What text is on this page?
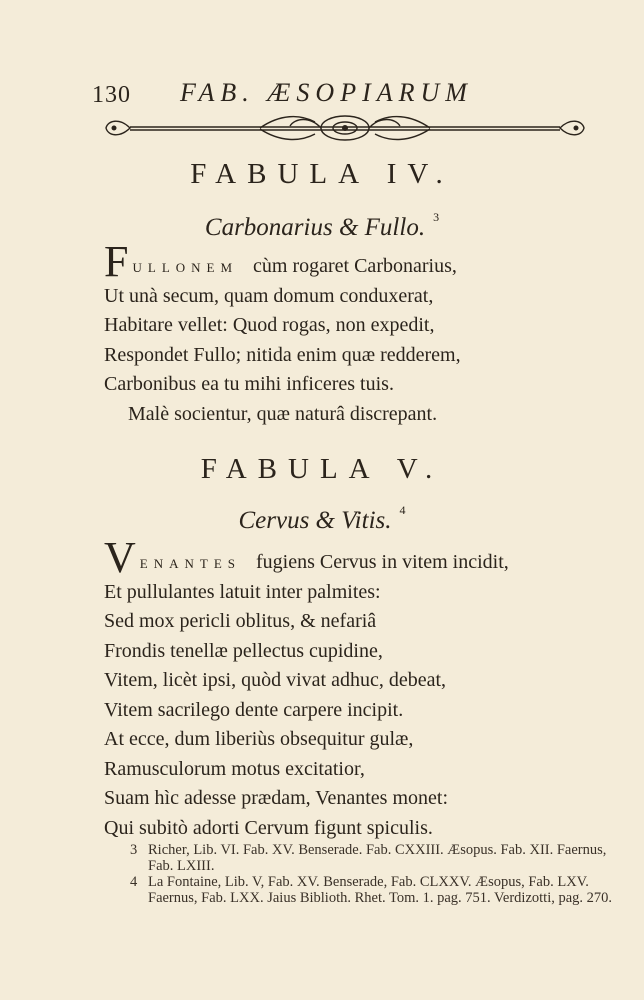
130 FAB. ÆSOPIARUM
FABULA IV.
Carbonarius & Fullo. $^3$
FULLONEM cùm rogaret Carbonarius,
Ut unà secum, quam domum conduxerat,
Habitare vellet: Quod rogas, non expedit,
Respondet Fullo; nitida enim quæ redderem,
Carbonibus ea tu mihi inficeres tuis.
Malè socientur, quæ naturâ discrepant.
FABULA V.
Cervus & Vitis. $^4$
VENANTES fugiens Cervus in vitem incidit,
Et pullulantes latuit inter palmites:
Sed mox pericli oblitus, & nefariâ
Frondis tenellæ pellectus cupidine,
Vitem, licèt ipsi, quòd vivat adhuc, debeat,
Vitem sacrilego dente carpere incipit.
At ecce, dum liberiùs obsequitur gulæ,
Ramusculorum motus excitatior,
Suam hìc adesse prædam, Venantes monet:
Qui subitò adorti Cervum figunt spiculis.
3 Richer, Lib. VI. Fab. XV. Benserade. Fab. CXXIII. Æsopus. Fab. XII. Faernus, Fab. LXIII.
4 La Fontaine, Lib. V, Fab. XV. Benserade, Fab. CLXXV. Æsopus, Fab. LXV. Faernus, Fab. LXX. Jaius Biblioth. Rhet. Tom. 1. pag. 751. Verdizotti, pag. 270.
